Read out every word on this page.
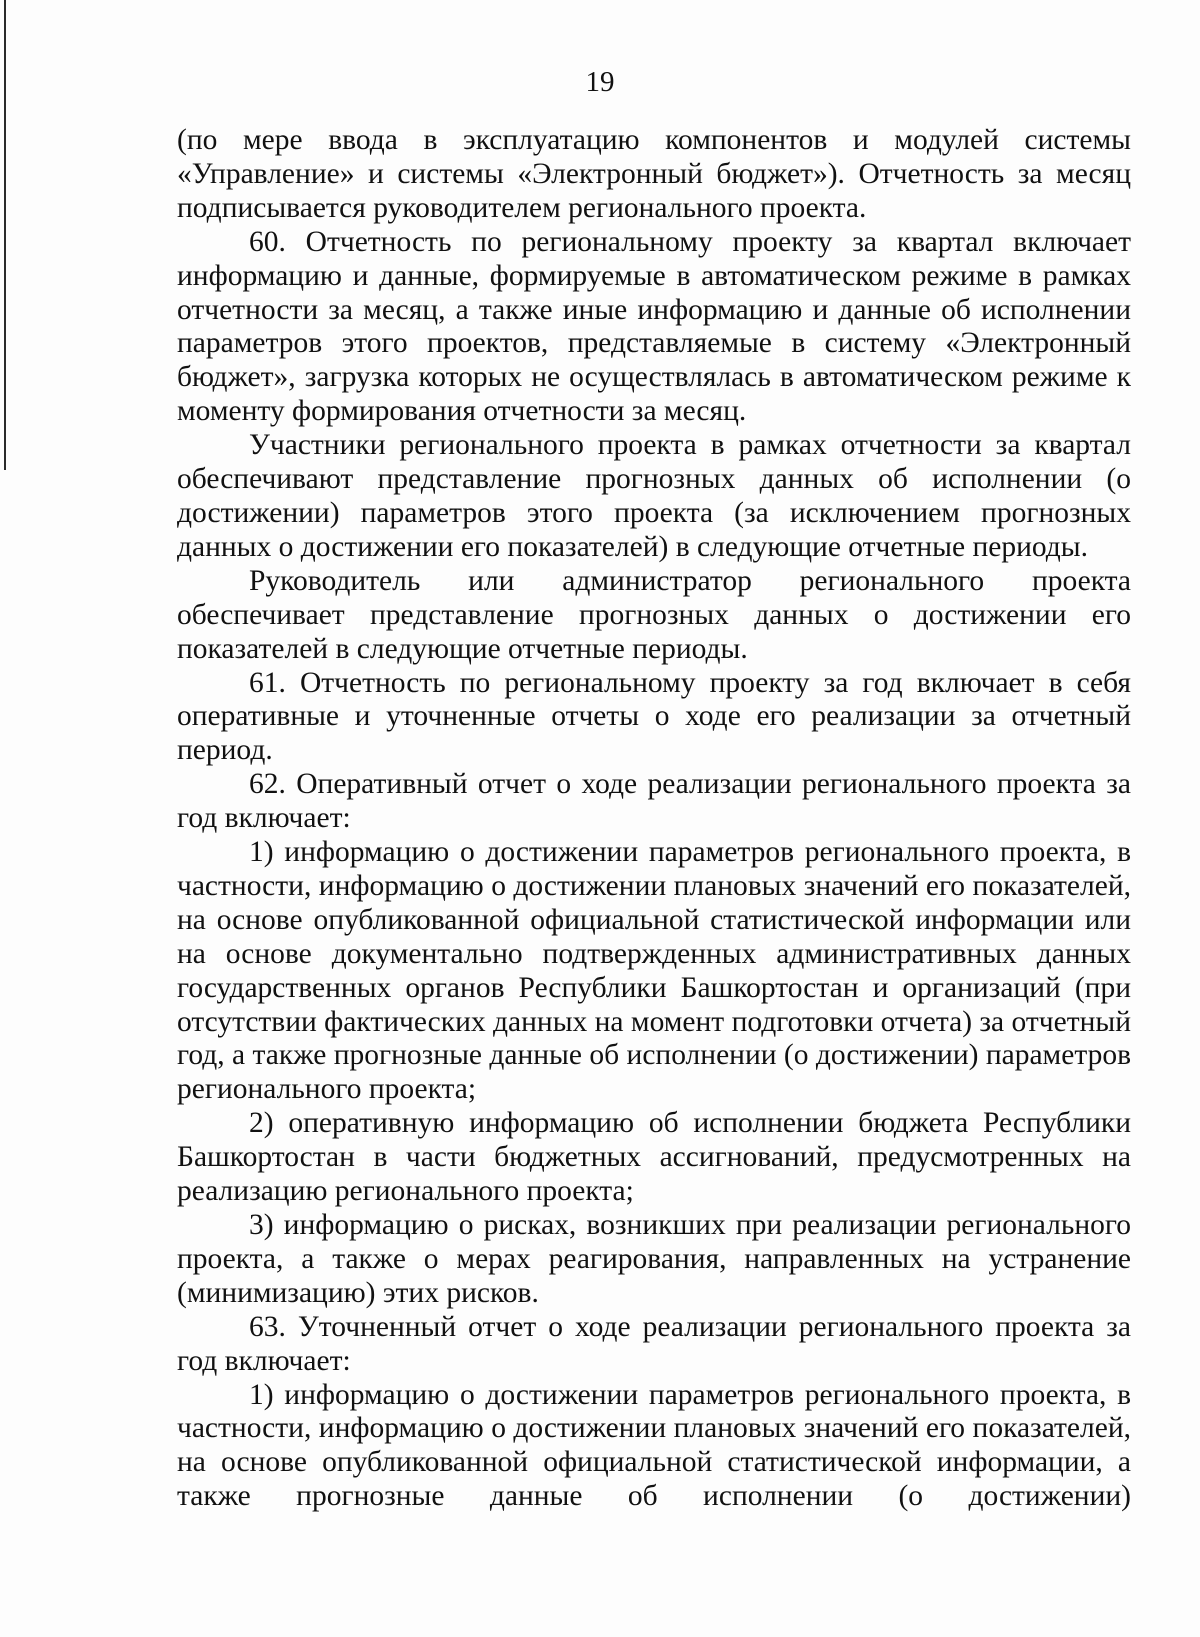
19

(по мере ввода в эксплуатацию компонентов и модулей системы «Управление» и системы «Электронный бюджет»). Отчетность за месяц подписывается руководителем регионального проекта.

60. Отчетность по региональному проекту за квартал включает информацию и данные, формируемые в автоматическом режиме в рамках отчетности за месяц, а также иные информацию и данные об исполнении параметров этого проектов, представляемые в систему «Электронный бюджет», загрузка которых не осуществлялась в автоматическом режиме к моменту формирования отчетности за месяц.

Участники регионального проекта в рамках отчетности за квартал обеспечивают представление прогнозных данных об исполнении (о достижении) параметров этого проекта (за исключением прогнозных данных о достижении его показателей) в следующие отчетные периоды.

Руководитель или администратор регионального проекта обеспечивает представление прогнозных данных о достижении его показателей в следующие отчетные периоды.

61. Отчетность по региональному проекту за год включает в себя оперативные и уточненные отчеты о ходе его реализации за отчетный период.

62. Оперативный отчет о ходе реализации регионального проекта за год включает:

1) информацию о достижении параметров регионального проекта, в частности, информацию о достижении плановых значений его показателей, на основе опубликованной официальной статистической информации или на основе документально подтвержденных административных данных государственных органов Республики Башкортостан и организаций (при отсутствии фактических данных на момент подготовки отчета) за отчетный год, а также прогнозные данные об исполнении (о достижении) параметров регионального проекта;

2) оперативную информацию об исполнении бюджета Республики Башкортостан в части бюджетных ассигнований, предусмотренных на реализацию регионального проекта;

3) информацию о рисках, возникших при реализации регионального проекта, а также о мерах реагирования, направленных на устранение (минимизацию) этих рисков.

63. Уточненный отчет о ходе реализации регионального проекта за год включает:

1) информацию о достижении параметров регионального проекта, в частности, информацию о достижении плановых значений его показателей, на основе опубликованной официальной статистической информации, а также прогнозные данные об исполнении (о достижении)
